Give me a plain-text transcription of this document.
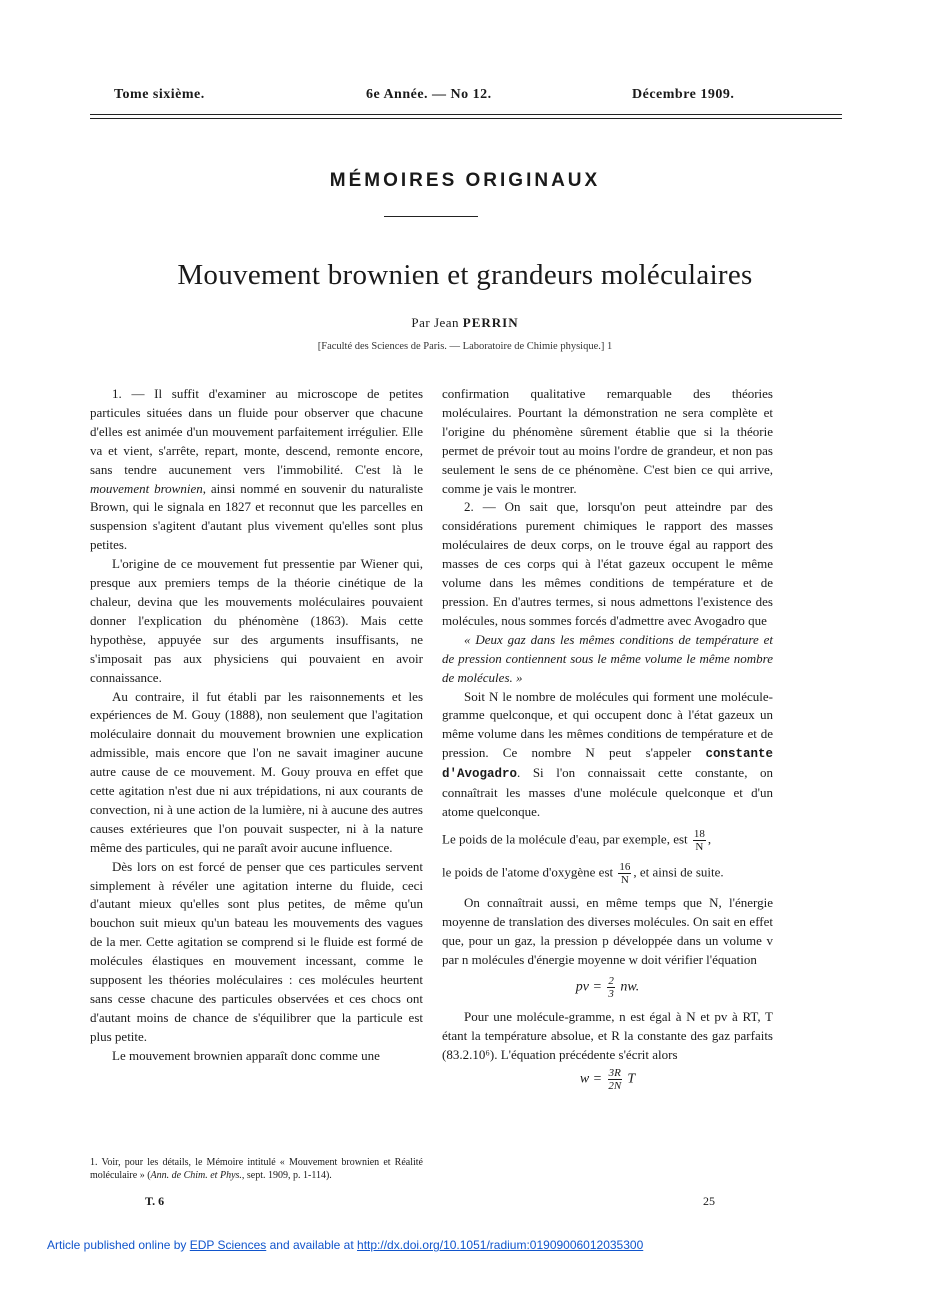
Tome sixième.	6e Année. — No 12.	Décembre 1909.
MÉMOIRES ORIGINAUX
Mouvement brownien et grandeurs moléculaires
Par Jean PERRIN
[Faculté des Sciences de Paris. — Laboratoire de Chimie physique.] 1

1. — Il suffit d'examiner au microscope de petites particules situées dans un fluide pour observer que chacune d'elles est animée d'un mouvement parfaitement irrégulier. Elle va et vient, s'arrête, repart, monte, descend, remonte encore, sans tendre aucunement vers l'immobilité. C'est là le mouvement brownien, ainsi nommé en souvenir du naturaliste Brown, qui le signala en 1827 et reconnut que les parcelles en suspension s'agitent d'autant plus vivement qu'elles sont plus petites.

L'origine de ce mouvement fut pressentie par Wiener qui, presque aux premiers temps de la théorie cinétique de la chaleur, devina que les mouvements moléculaires pouvaient donner l'explication du phénomène (1863). Mais cette hypothèse, appuyée sur des arguments insuffisants, ne s'imposait pas aux physiciens qui pouvaient en avoir connaissance.

Au contraire, il fut établi par les raisonnements et les expériences de M. Gouy (1888), non seulement que l'agitation moléculaire donnait du mouvement brownien une explication admissible, mais encore que l'on ne savait imaginer aucune autre cause de ce mouvement. M. Gouy prouva en effet que cette agitation n'est due ni aux trépidations, ni aux courants de convection, ni à une action de la lumière, ni à aucune des autres causes extérieures que l'on pouvait suspecter, ni à la nature même des particules, qui ne paraît avoir aucune influence.

Dès lors on est forcé de penser que ces particules servent simplement à révéler une agitation interne du fluide, ceci d'autant mieux qu'elles sont plus petites, de même qu'un bouchon suit mieux qu'un bateau les mouvements des vagues de la mer. Cette agitation se comprend si le fluide est formé de molécules élastiques en mouvement incessant, comme le supposent les théories moléculaires : ces molécules heurtent sans cesse chacune des particules observées et ces chocs ont d'autant moins de chance de s'équilibrer que la particule est plus petite.

Le mouvement brownien apparaît donc comme une

1. Voir, pour les détails, le Mémoire intitulé « Mouvement brownien et Réalité moléculaire » (Ann. de Chim. et Phys., sept. 1909, p. 1-114).

confirmation qualitative remarquable des théories moléculaires. Pourtant la démonstration ne sera complète et l'origine du phénomène sûrement établie que si la théorie permet de prévoir tout au moins l'ordre de grandeur, et non pas seulement le sens de ce phénomène. C'est bien ce qui arrive, comme je vais le montrer.

2. — On sait que, lorsqu'on peut atteindre par des considérations purement chimiques le rapport des masses moléculaires de deux corps, on le trouve égal au rapport des masses de ces corps qui à l'état gazeux occupent le même volume dans les mêmes conditions de température et de pression. En d'autres termes, si nous admettons l'existence des molécules, nous sommes forcés d'admettre avec Avogadro que

« Deux gaz dans les mêmes conditions de température et de pression contiennent sous le même volume le même nombre de molécules. »

Soit N le nombre de molécules qui forment une molécule-gramme quelconque, et qui occupent donc à l'état gazeux un même volume dans les mêmes conditions de température et de pression. Ce nombre N peut s'appeler constante d'Avogadro. Si l'on connaissait cette constante, on connaîtrait les masses d'une molécule quelconque et d'un atome quelconque.

Le poids de la molécule d'eau, par exemple, est $\frac{18}{N}$ ,

le poids de l'atome d'oxygène est $\frac{16}{N}$ , et ainsi de suite.

On connaîtrait aussi, en même temps que N, l'énergie moyenne de translation des diverses molécules. On sait en effet que, pour un gaz, la pression p développée dans un volume v par n molécules d'énergie moyenne w doit vérifier l'équation

pv = $\frac{2}{3}$ nw.

Pour une molécule-gramme, n est égal à N et pv à RT, T étant la température absolue, et R la constante des gaz parfaits (83.2.10⁶). L'équation précédente s'écrit alors

$w = \frac{3R}{2N}$ T
T. 6	25
Article published online by EDP Sciences and available at http://dx.doi.org/10.1051/radium:01909006012035300
